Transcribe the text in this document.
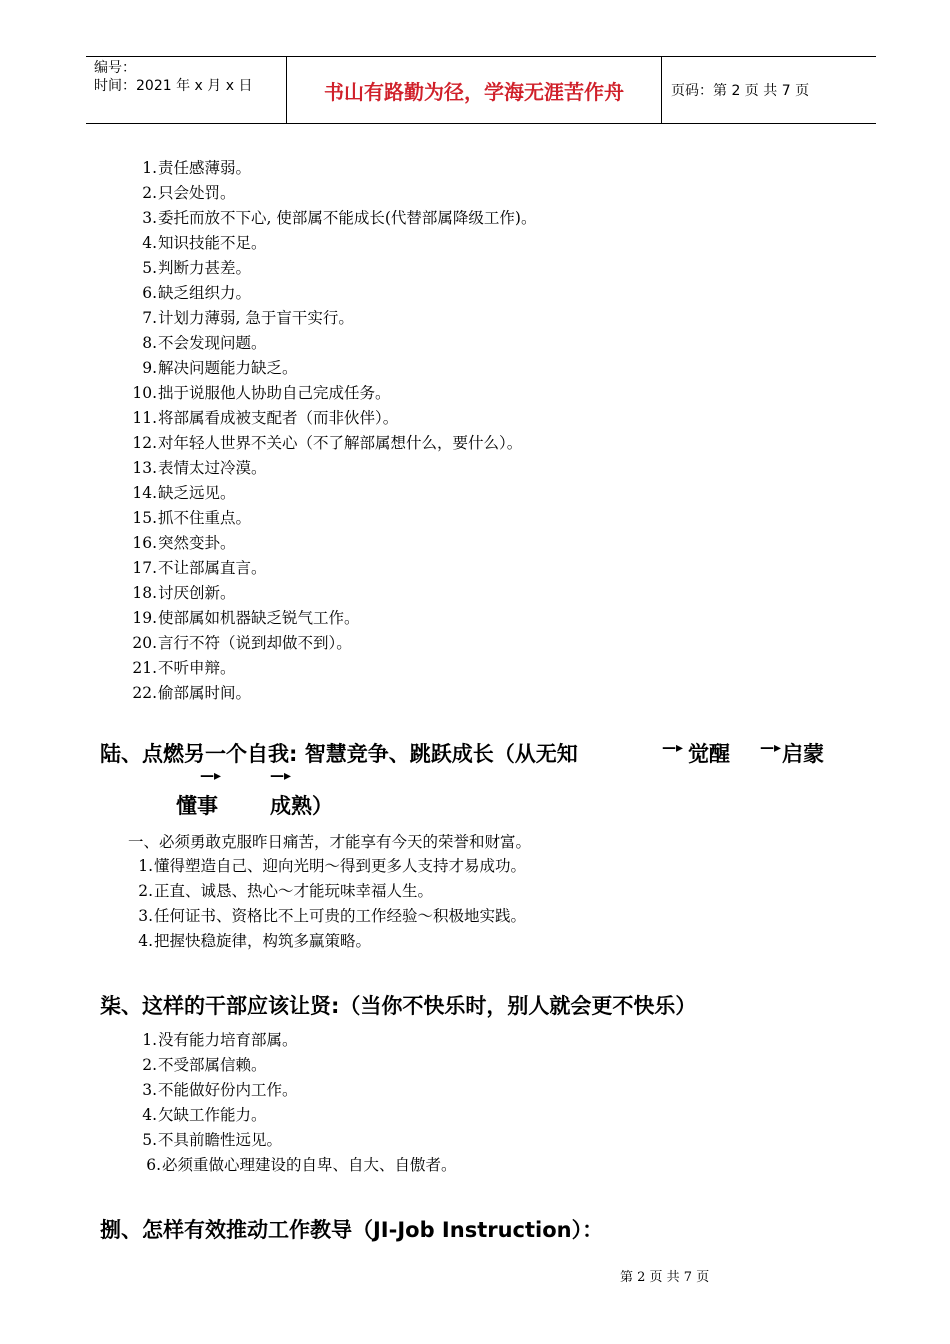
编号：
时间：2021 年 x 月 x 日	书山有路勤为径，学海无涯苦作舟	页码：第 2 页 共 7 页
1. 责任感薄弱。
2. 只会处罚。
3. 委托而放不下心, 使部属不能成长(代替部属降级工作)。
4. 知识技能不足。
5. 判断力甚差。
6. 缺乏组织力。
7. 计划力薄弱, 急于盲干实行。
8. 不会发现问题。
9. 解决问题能力缺乏。
10. 拙于说服他人协助自己完成任务。
11. 将部属看成被支配者（而非伙伴）。
12. 对年轻人世界不关心（不了解部属想什么，要什么）。
13. 表情太过冷漠。
14. 缺乏远见。
15. 抓不住重点。
16. 突然变卦。
17. 不让部属直言。
18. 讨厌创新。
19. 使部属如机器缺乏锐气工作。
20. 言行不符（说到却做不到）。
21. 不听申辩。
22. 偷部属时间。
陆、点燃另一个自我: 智慧竞争、跳跃成长（从无知	—▸ 觉醒 —▸ 启蒙
—▸
懂事
—▸
成熟）
一、必须勇敢克服昨日痛苦，才能享有今天的荣誉和财富。
1. 懂得塑造自己、迎向光明～得到更多人支持才易成功。
2. 正直、诚恳、热心～才能玩味幸福人生。
3. 任何证书、资格比不上可贵的工作经验～积极地实践。
4. 把握快稳旋律，构筑多赢策略。
柒、这样的干部应该让贤:（当你不快乐时，别人就会更不快乐）
1. 没有能力培育部属。
2. 不受部属信赖。
3. 不能做好份内工作。
4. 欠缺工作能力。
5. 不具前瞻性远见。
6. 必须重做心理建设的自卑、自大、自傲者。
捌、怎样有效推动工作教导（JI-Job Instruction）：
第 2 页 共 7 页
